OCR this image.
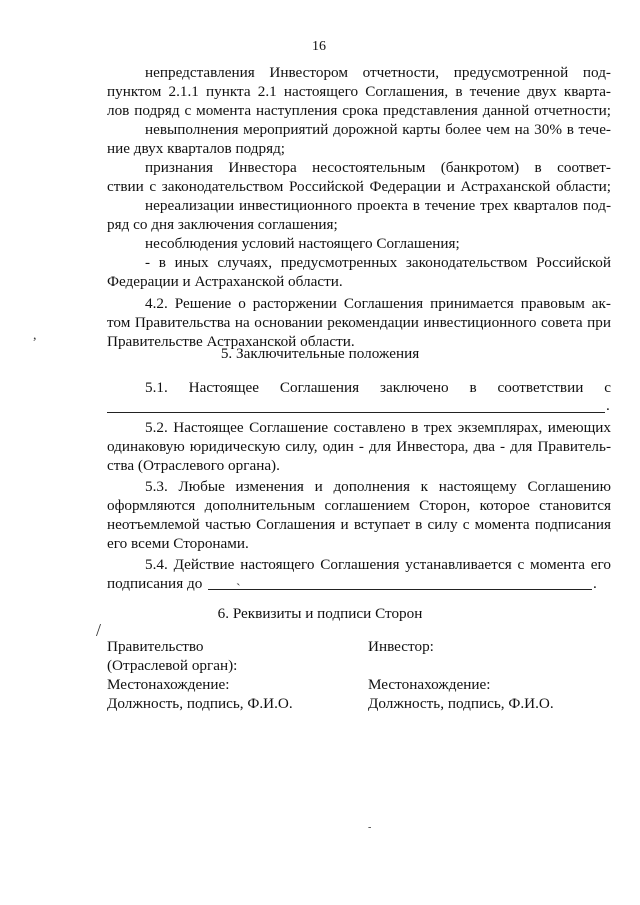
16
непредставления Инвестором отчетности, предусмотренной под-
пунктом 2.1.1 пункта 2.1 настоящего Соглашения, в течение двух кварта-
лов подряд с момента наступления срока представления данной отчетности;
невыполнения мероприятий дорожной карты более чем на 30% в тече-
ние двух кварталов подряд;
признания Инвестора несостоятельным (банкротом) в соответ-
ствии с законодательством Российской Федерации и Астраханской области;
нереализации инвестиционного проекта в течение трех кварталов под-
ряд со дня заключения соглашения;
несоблюдения условий настоящего Соглашения;
- в иных случаях, предусмотренных законодательством Российской
Федерации и Астраханской области.
4.2. Решение о расторжении Соглашения принимается правовым ак-
том Правительства на основании рекомендации инвестиционного совета при
Правительстве Астраханской области.
,
5. Заключительные положения
5.1. Настоящее Соглашения заключено в соответствии с
.
5.2. Настоящее Соглашение составлено в трех экземплярах, имеющих
одинаковую юридическую силу, один - для Инвестора, два - для Правитель-
ства (Отраслевого органа).
5.3. Любые изменения и дополнения к настоящему Соглашению
оформляются дополнительным соглашением Сторон, которое становится
неотъемлемой частью Соглашения и вступает в силу с момента подписания
его всеми Сторонами.
5.4. Действие настоящего Соглашения устанавливается с момента его
подписания до	.
`
6. Реквизиты и подписи Сторон
/
Правительство
(Отраслевой орган):
Местонахождение:
Должность, подпись, Ф.И.О.
Инвестор:
Местонахождение:
Должность, подпись, Ф.И.О.
-
